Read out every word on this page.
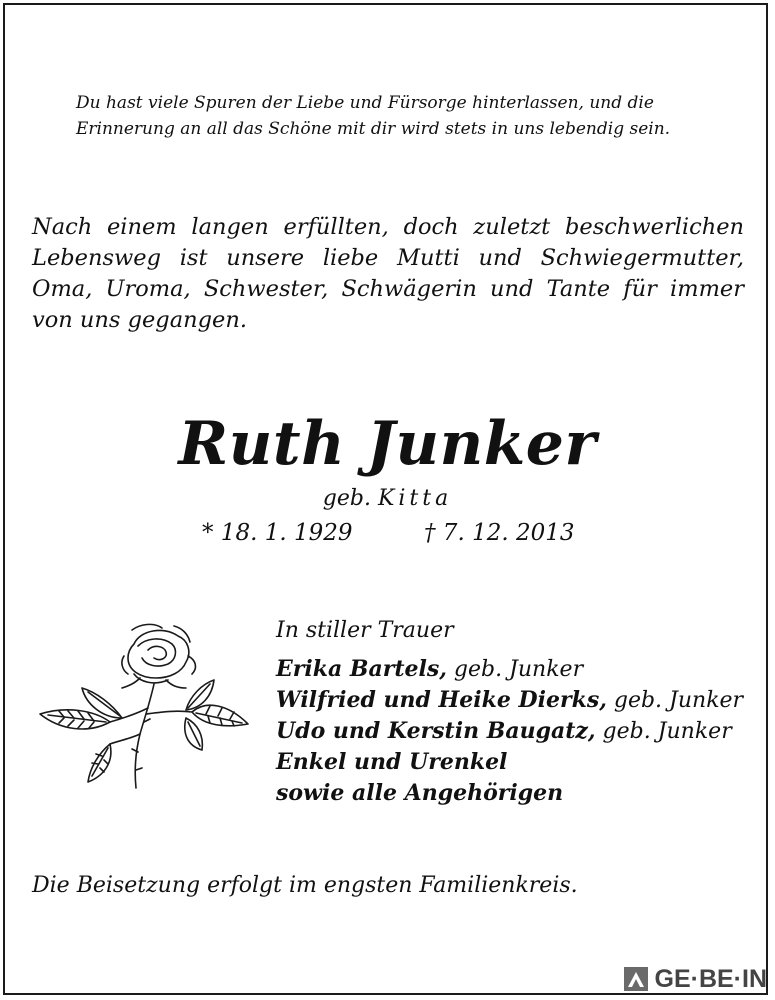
Du hast viele Spuren der Liebe und Fürsorge hinterlassen, und die
Erinnerung an all das Schöne mit dir wird stets in uns lebendig sein.
Nach einem langen erfüllten, doch zuletzt beschwerlichen
Lebensweg ist unsere liebe Mutti und Schwiegermutter,
Oma, Uroma, Schwester, Schwägerin und Tante für immer
von uns gegangen.
Ruth Junker
geb. Kitta
* 18. 1. 1929	† 7. 12. 2013
In stiller Trauer
Erika Bartels, geb. Junker
Wilfried und Heike Dierks, geb. Junker
Udo und Kerstin Baugatz, geb. Junker
Enkel und Urenkel
sowie alle Angehörigen
Die Beisetzung erfolgt im engsten Familienkreis.
GE·BE·IN
